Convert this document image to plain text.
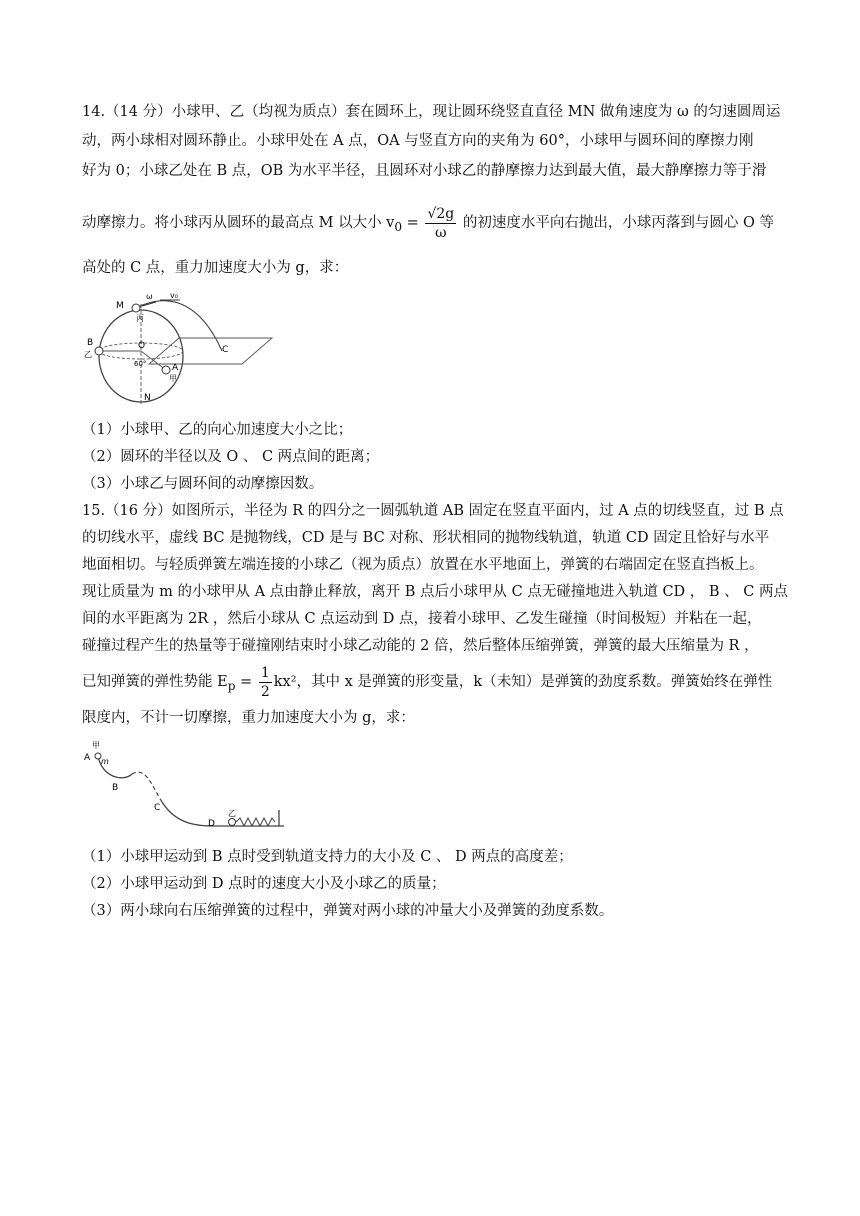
14.（14 分）小球甲、乙（均视为质点）套在圆环上，现让圆环绕竖直直径 MN 做角速度为 ω 的匀速圆周运
动，两小球相对圆环静止。小球甲处在 A 点，OA 与竖直方向的夹角为 60°，小球甲与圆环间的摩擦力刚
好为 0；小球乙处在 B 点，OB 为水平半径，且圆环对小球乙的静摩擦力达到最大值，最大静摩擦力等于滑
动摩擦力。将小球丙从圆环的最高点 M 以大小 $v_0 = \frac{√2g}{\omega}$ 的初速度水平向右抛出，小球丙落到与圆心 O 等
高处的 C 点，重力加速度大小为 g，求：
M
ω v₀
丙
B
乙
O
60°	A
甲
N
C
（1）小球甲、乙的向心加速度大小之比；
（2）圆环的半径以及 O 、 C 两点间的距离；
（3）小球乙与圆环间的动摩擦因数。
15.（16 分）如图所示，半径为 R 的四分之一圆弧轨道 AB 固定在竖直平面内，过 A 点的切线竖直，过 B 点
的切线水平，虚线 BC 是抛物线，CD 是与 BC 对称、形状相同的抛物线轨道，轨道 CD 固定且恰好与水平
地面相切。与轻质弹簧左端连接的小球乙（视为质点）放置在水平地面上，弹簧的右端固定在竖直挡板上。
现让质量为 m 的小球甲从 A 点由静止释放，离开 B 点后小球甲从 C 点无碰撞地进入轨道 CD ， B 、 C 两点
间的水平距离为 2R ，然后小球从 C 点运动到 D 点，接着小球甲、乙发生碰撞（时间极短）并粘在一起，
碰撞过程产生的热量等于碰撞刚结束时小球乙动能的 2 倍，然后整体压缩弹簧，弹簧的最大压缩量为 R ，
已知弹簧的弹性势能 $E_p = \frac{1}{2} kx^2$，其中 x 是弹簧的形变量，k（未知）是弹簧的劲度系数。弹簧始终在弹性
限度内，不计一切摩擦，重力加速度大小为 g，求：
A
甲
m
B
C
D
乙
（1）小球甲运动到 B 点时受到轨道支持力的大小及 C 、 D 两点的高度差；
（2）小球甲运动到 D 点时的速度大小及小球乙的质量；
（3）两小球向右压缩弹簧的过程中，弹簧对两小球的冲量大小及弹簧的劲度系数。
